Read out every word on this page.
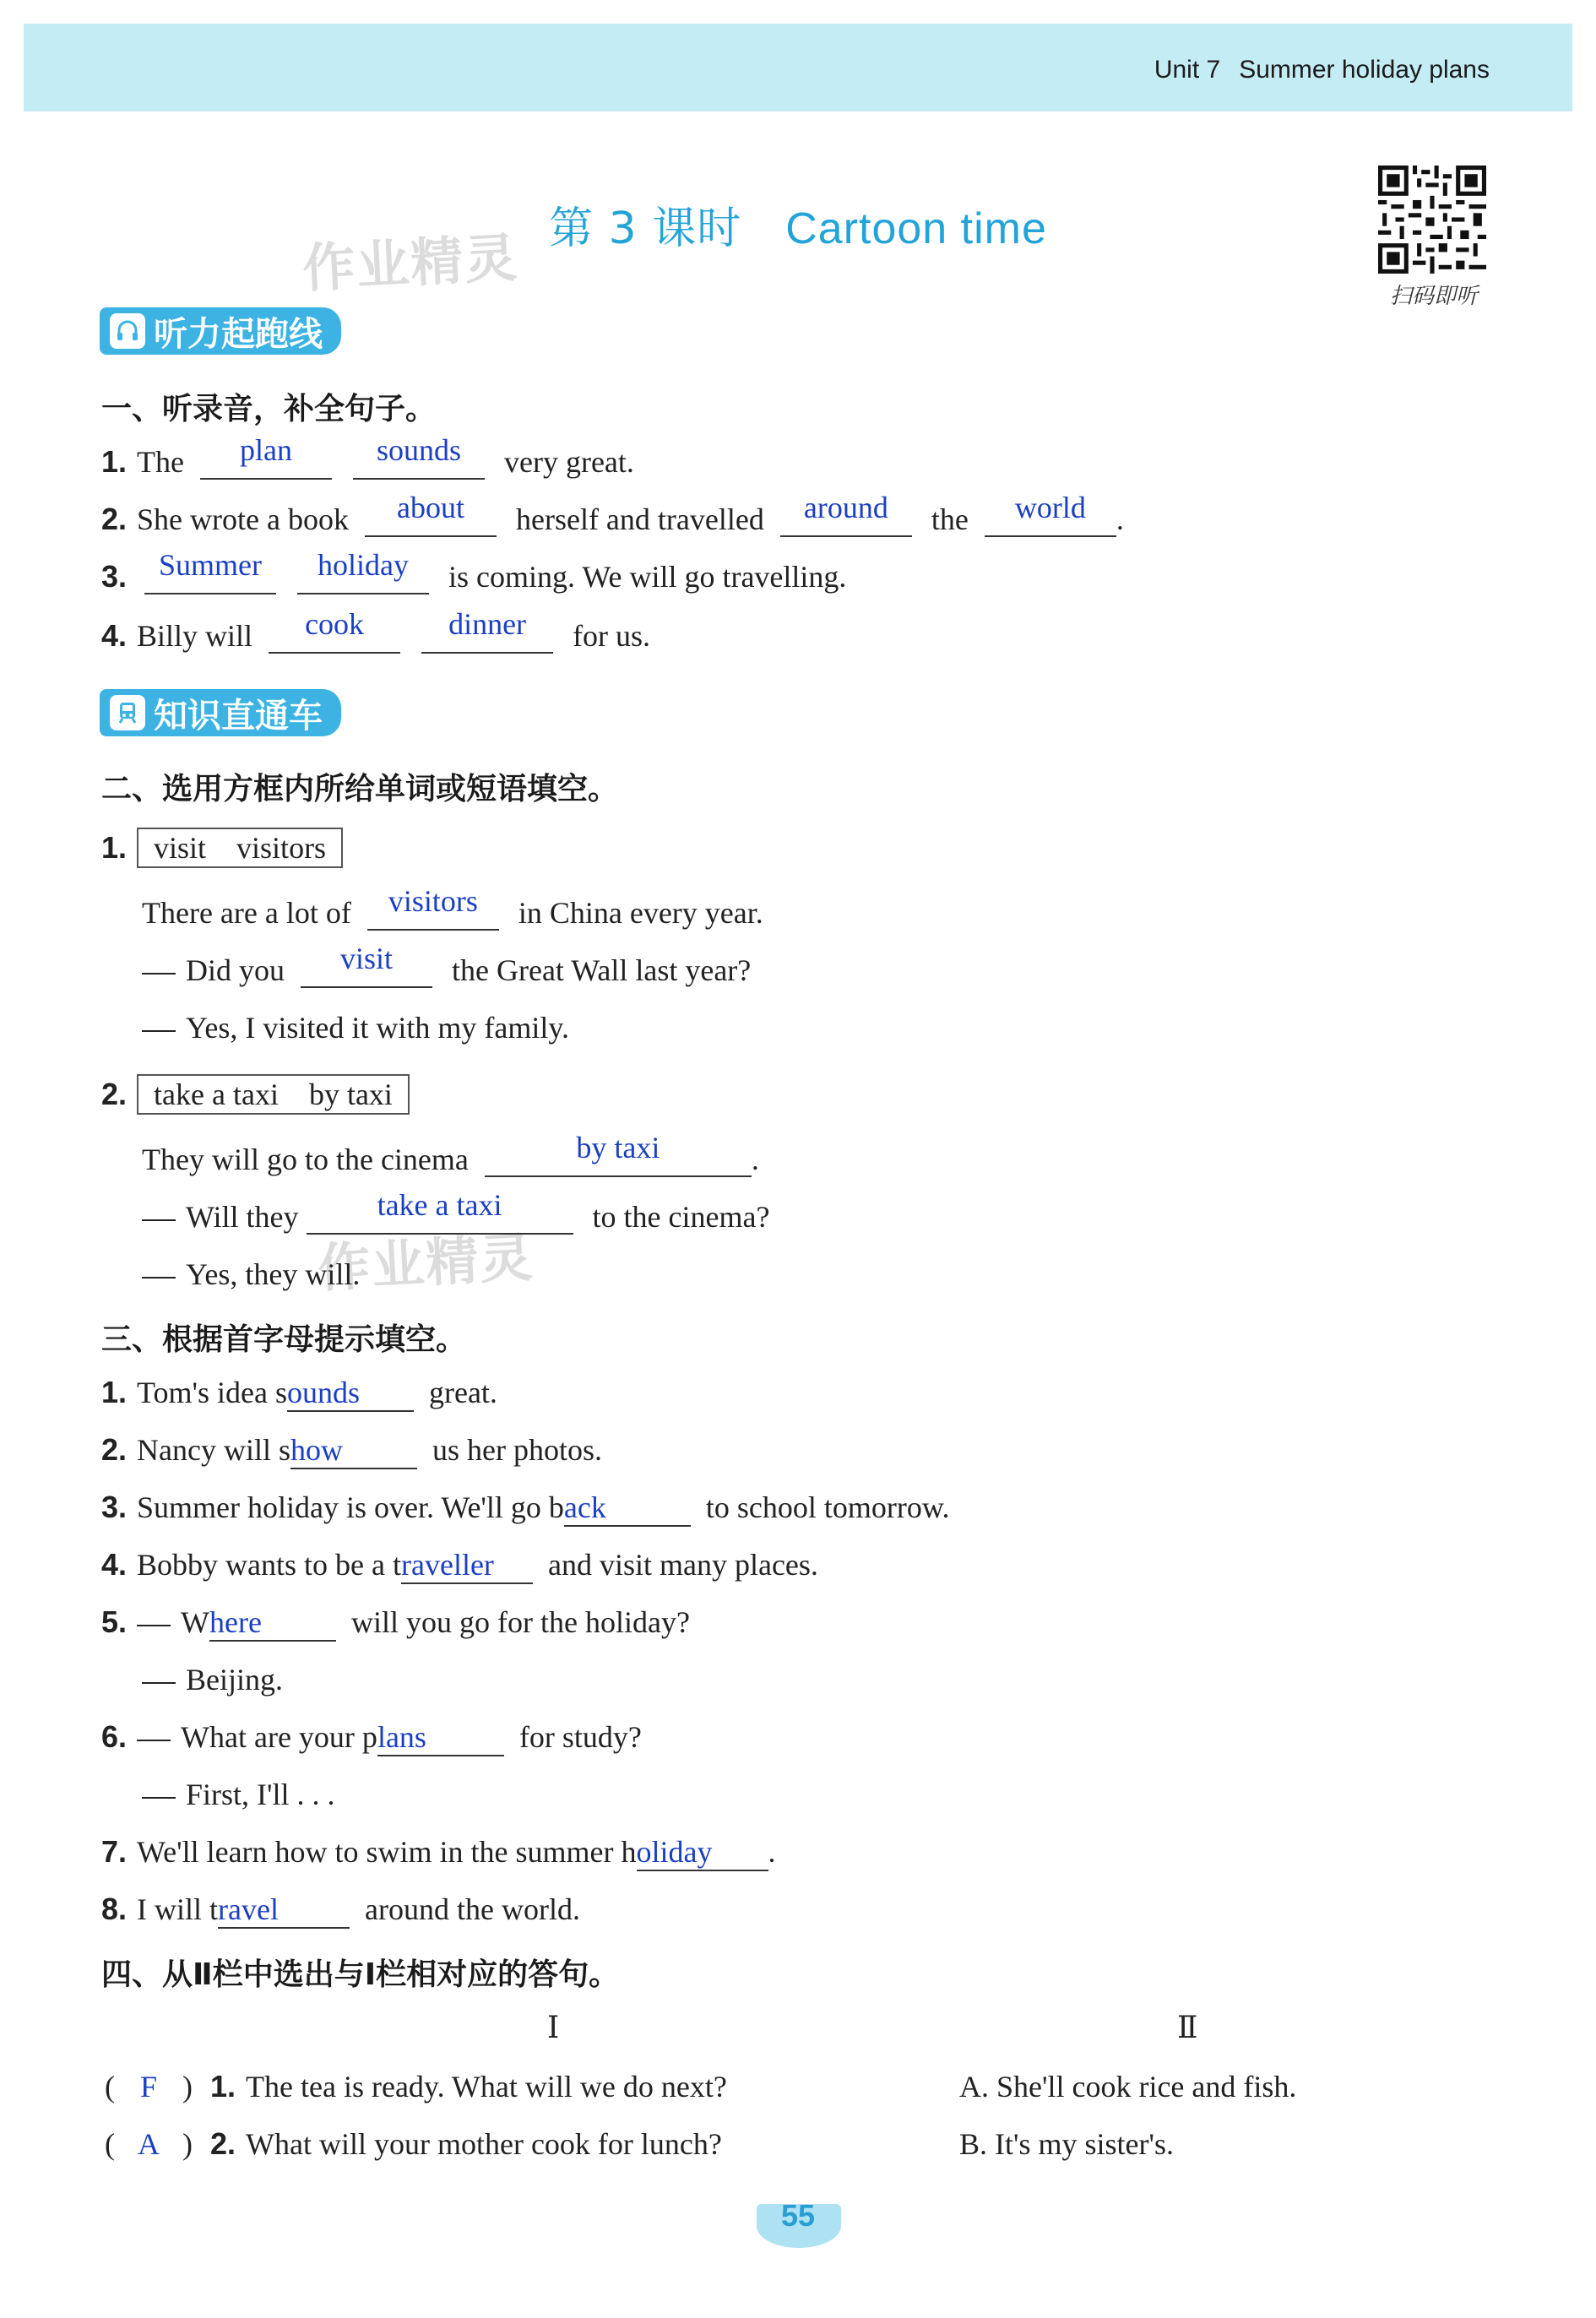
Unit 7 Summer holiday plans
第 3 课时 Cartoon time
作业精灵
作业精灵
扫码即听
听力起跑线
一、听录音，补全句子。
1. The plan	sounds very great.
2. She wrote a book about herself and travelled around the world .
3. Summer holiday is coming. We will go travelling.
4. Billy will cook	dinner for us.
知识直通车
二、选用方框内所给单词或短语填空。
1. visit    visitors
There are a lot of visitors in China every year.
Did you visit the Great Wall last year?
Yes, I visited it with my family.
2. take a taxi    by taxi
They will go to the cinema	by taxi	.
Will they	take a taxi	to the cinema?
Yes, they will.
三、根据首字母提示填空。
1. Tom's idea sounds great.
2. Nancy will show	us her photos.
3. Summer holiday is over. We'll go back	to school tomorrow.
4. Bobby wants to be a traveller and visit many places.
5. Where	will you go for the holiday?
Beijing.
6. What are your plans	for study?
First, I'll . . .
7. We'll learn how to swim in the summer holiday .
8. I will travel	around the world.
四、从Ⅱ栏中选出与Ⅰ栏相对应的答句。
Ⅰ	Ⅱ
( F ) 1. The tea is ready. What will we do next?	A. She'll cook rice and fish.
( A ) 2. What will your mother cook for lunch?	B. It's my sister's.
55
